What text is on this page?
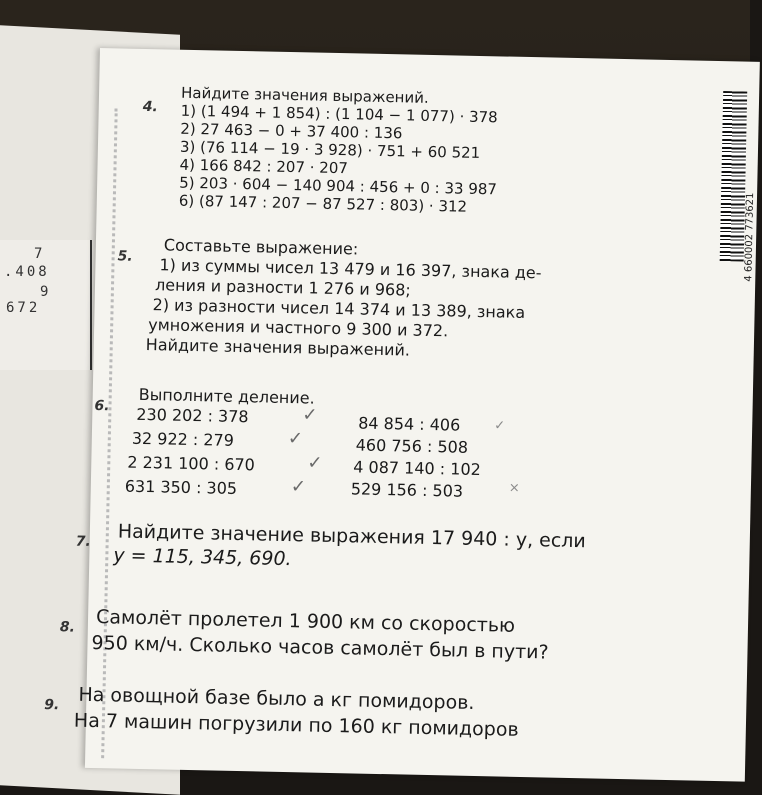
7
.408
9
672
4 660002 773621
4.
Найдите значения выражений.
1) (1 494 + 1 854) : (1 104 − 1 077) · 378
2) 27 463 − 0 + 37 400 : 136
3) (76 114 − 19 · 3 928) · 751 + 60 521
4) 166 842 : 207 · 207
5) 203 · 604 − 140 904 : 456 + 0 : 33 987
6) (87 147 : 207 − 87 527 : 803) · 312
5. Составьте выражение:
1) из суммы чисел 13 479 и 16 397, знака де-
ления и разности 1 276 и 968;
2) из разности чисел 14 374 и 13 389, знака
умножения и частного 9 300 и 372.
Найдите значения выражений.
6. Выполните деление.
230 202 : 378
32 922 : 279
2 231 100 : 670
631 350 : 305
84 854 : 406
460 756 : 508
4 087 140 : 102
529 156 : 503
✓
✓
✓
✓
✓
×
7. Найдите значение выражения 17 940 : y, если
y = 115, 345, 690.
8. Самолёт пролетел 1 900 км со скоростью
950 км/ч. Сколько часов самолёт был в пути?
9. На овощной базе было a кг помидоров.
На 7 машин погрузили по 160 кг помидоров
